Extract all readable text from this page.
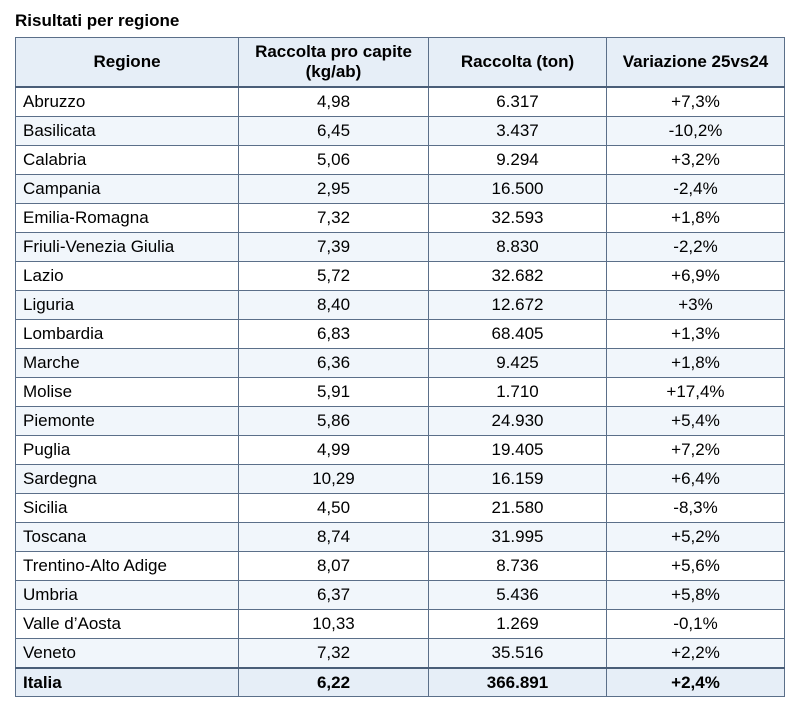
Risultati per regione
Regione	Raccolta pro capite (kg/ab)	Raccolta (ton)	Variazione 25vs24
Abruzzo	4,98	6.317	+7,3%
Basilicata	6,45	3.437	-10,2%
Calabria	5,06	9.294	+3,2%
Campania	2,95	16.500	-2,4%
Emilia-Romagna	7,32	32.593	+1,8%
Friuli-Venezia Giulia	7,39	8.830	-2,2%
Lazio	5,72	32.682	+6,9%
Liguria	8,40	12.672	+3%
Lombardia	6,83	68.405	+1,3%
Marche	6,36	9.425	+1,8%
Molise	5,91	1.710	+17,4%
Piemonte	5,86	24.930	+5,4%
Puglia	4,99	19.405	+7,2%
Sardegna	10,29	16.159	+6,4%
Sicilia	4,50	21.580	-8,3%
Toscana	8,74	31.995	+5,2%
Trentino-Alto Adige	8,07	8.736	+5,6%
Umbria	6,37	5.436	+5,8%
Valle d’Aosta	10,33	1.269	-0,1%
Veneto	7,32	35.516	+2,2%
Italia	6,22	366.891	+2,4%
